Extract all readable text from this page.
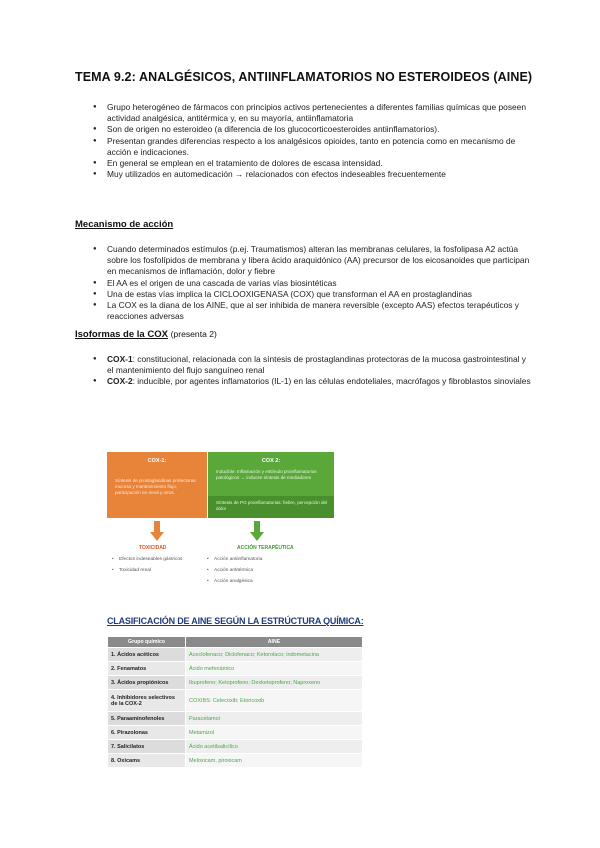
TEMA 9.2: ANALGÉSICOS, ANTIINFLAMATORIOS NO ESTEROIDEOS (AINE)
● Grupo heterogéneo de fármacos con principios activos pertenecientes a diferentes familias químicas que poseen actividad analgésica, antitérmica y, en su mayoría, antiinflamatoria
● Son de origen no esteroideo (a diferencia de los glucocorticoesteroides antiinflamatorios).
● Presentan grandes diferencias respecto a los analgésicos opioides, tanto en potencia como en mecanismo de acción e indicaciones.
● En general se emplean en el tratamiento de dolores de escasa intensidad.
● Muy utilizados en automedicación → relacionados con efectos indeseables frecuentemente
Mecanismo de acción
● Cuando determinados estímulos (p.ej. Traumatismos) alteran las membranas celulares, la fosfolipasa A2 actúa sobre los fosfolípidos de membrana y libera ácido araquidónico (AA) precursor de los eicosanoides que participan en mecanismos de inflamación, dolor y fiebre
● El AA es el origen de una cascada de varias vías biosintéticas
● Una de estas vías implica la CICLOOXIGENASA (COX) que transforman el AA en prostaglandinas
● La COX es la diana de los AINE, que al ser inhibida de manera reversible (excepto AAS) efectos terapéuticos y reacciones adversas
Isoformas de la COX (presenta 2)
● COX-1: constitucional, relacionada con la síntesis de prostaglandinas protectoras de la mucosa gastrointestinal y el mantenimiento del flujo sanguíneo renal
● COX-2: inducible, por agentes inflamatorios (IL-1) en las células endoteliales, macrófagos y fibroblastos sinoviales
COX-1:
Síntesis de prostaglandinas protectoras mucosa y mantenimiento flujo, participación en renal y otros.
COX 2:
Inducible: Inflamación y estímulo proinflamatorios patológicos → inducen síntesis de mediadores
Síntesis de PG proinflamatorias: fiebre, percepción del dolor
TOXICIDAD	ACCIÓN TERAPÉUTICA
• Efectos indeseables gástricos
• Toxicidad renal
• Acción antiinflamatoria
• Acción antitérmica
• Acción analgésica
CLASIFICACIÓN DE AINE SEGÚN LA ESTRÚCTURA QUÍMICA:
Grupo químico	AINE
1. Ácidos acéticos	Aceclofenaco; Diclofenaco; Ketorolaco; indometacina
2. Fenamatos	Ácido mefenámico
3. Ácidos propiónicos	Ibuprofeno; Ketoprofeno; Dexketoprofeno; Naproxeno
4. Inhibidores selectivos de la COX-2	COXIBS: Celecoxib; Etoricoxib
5. Paraaminofenoles	Paracetamol
6. Pirazolonas	Metamizol
7. Salicilatos	Ácido acetilsalicílico
8. Oxicams	Meloxicam, piroxicam
